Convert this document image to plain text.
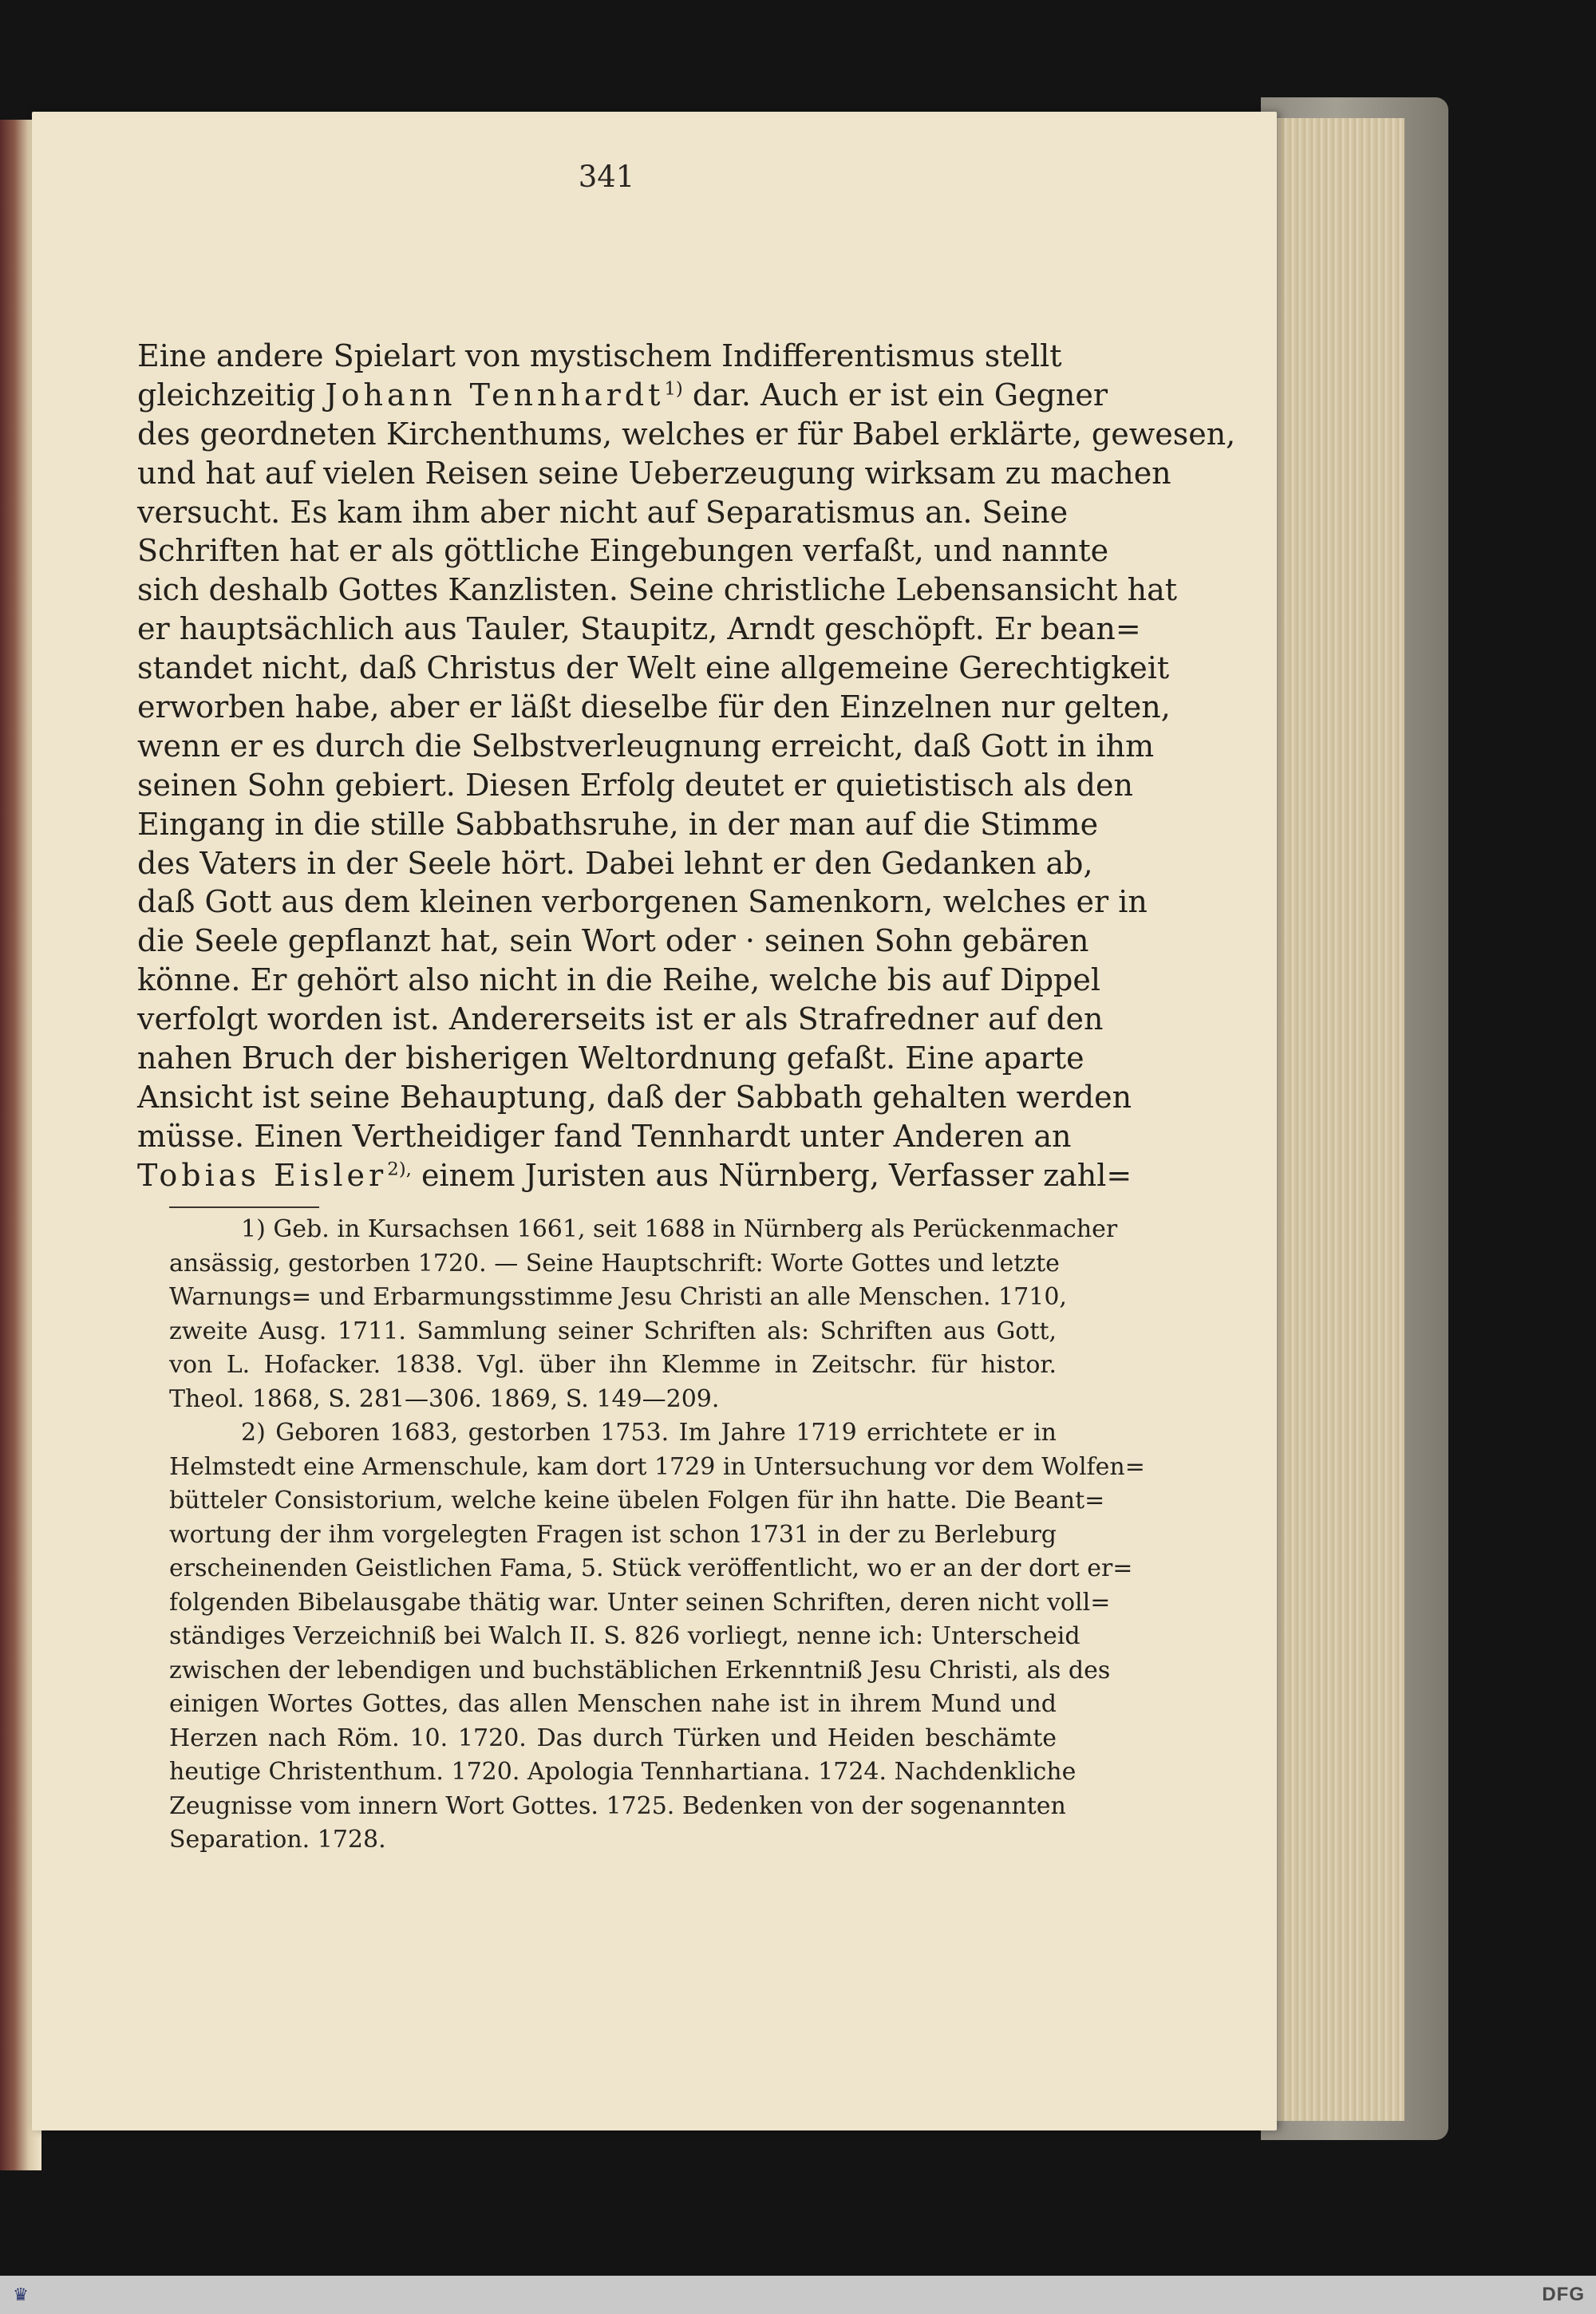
341
Eine andere Spielart von mystischem Indifferentismus stellt
gleichzeitig Johann Tennhardt$^{1)}$ dar. Auch er ist ein Gegner
des geordneten Kirchenthums, welches er für Babel erklärte, gewesen,
und hat auf vielen Reisen seine Ueberzeugung wirksam zu machen
versucht. Es kam ihm aber nicht auf Separatismus an. Seine
Schriften hat er als göttliche Eingebungen verfaßt, und nannte
sich deshalb Gottes Kanzlisten. Seine christliche Lebensansicht hat
er hauptsächlich aus Tauler, Staupitz, Arndt geschöpft. Er bean=
standet nicht, daß Christus der Welt eine allgemeine Gerechtigkeit
erworben habe, aber er läßt dieselbe für den Einzelnen nur gelten,
wenn er es durch die Selbstverleugnung erreicht, daß Gott in ihm
seinen Sohn gebiert. Diesen Erfolg deutet er quietistisch als den
Eingang in die stille Sabbathsruhe, in der man auf die Stimme
des Vaters in der Seele hört. Dabei lehnt er den Gedanken ab,
daß Gott aus dem kleinen verborgenen Samenkorn, welches er in
die Seele gepflanzt hat, sein Wort oder · seinen Sohn gebären
könne. Er gehört also nicht in die Reihe, welche bis auf Dippel
verfolgt worden ist. Andererseits ist er als Strafredner auf den
nahen Bruch der bisherigen Weltordnung gefaßt. Eine aparte
Ansicht ist seine Behauptung, daß der Sabbath gehalten werden
müsse. Einen Vertheidiger fand Tennhardt unter Anderen an
Tobias Eisler$^{2),}$ einem Juristen aus Nürnberg, Verfasser zahl=
1) Geb. in Kursachsen 1661, seit 1688 in Nürnberg als Perückenmacher
ansässig, gestorben 1720. — Seine Hauptschrift: Worte Gottes und letzte
Warnungs= und Erbarmungsstimme Jesu Christi an alle Menschen. 1710,
zweite Ausg. 1711. Sammlung seiner Schriften als: Schriften aus Gott,
von L. Hofacker. 1838. Vgl. über ihn Klemme in Zeitschr. für histor.
Theol. 1868, S. 281—306. 1869, S. 149—209.
2) Geboren 1683, gestorben 1753. Im Jahre 1719 errichtete er in
Helmstedt eine Armenschule, kam dort 1729 in Untersuchung vor dem Wolfen=
bütteler Consistorium, welche keine übelen Folgen für ihn hatte. Die Beant=
wortung der ihm vorgelegten Fragen ist schon 1731 in der zu Berleburg
erscheinenden Geistlichen Fama, 5. Stück veröffentlicht, wo er an der dort er=
folgenden Bibelausgabe thätig war. Unter seinen Schriften, deren nicht voll=
ständiges Verzeichniß bei Walch II. S. 826 vorliegt, nenne ich: Unterscheid
zwischen der lebendigen und buchstäblichen Erkenntniß Jesu Christi, als des
einigen Wortes Gottes, das allen Menschen nahe ist in ihrem Mund und
Herzen nach Röm. 10. 1720. Das durch Türken und Heiden beschämte
heutige Christenthum. 1720. Apologia Tennhartiana. 1724. Nachdenkliche
Zeugnisse vom innern Wort Gottes. 1725. Bedenken von der sogenannten
Separation. 1728.
♛	DFG
